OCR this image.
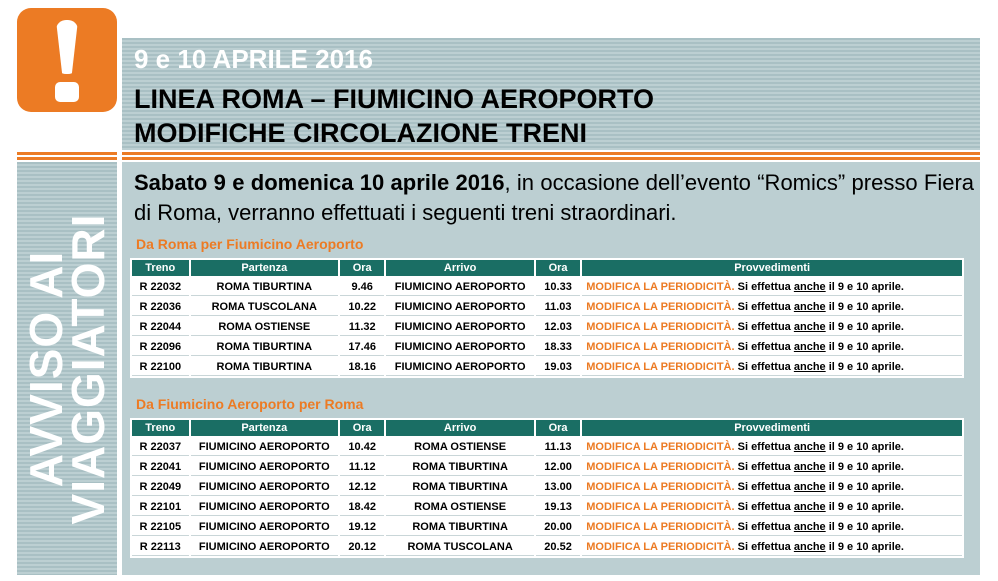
AVVISO AI
VIAGGIATORI
9 e 10 APRILE 2016
LINEA ROMA – FIUMICINO AEROPORTO
MODIFICHE CIRCOLAZIONE TRENI
Sabato 9 e domenica 10 aprile 2016, in occasione dell’evento “Romics” presso Fiera di Roma, verranno effettuati i seguenti treni straordinari.
Da Roma per Fiumicino Aeroporto
Treno	Partenza	Ora	Arrivo	Ora	Provvedimenti
R 22032	ROMA TIBURTINA	9.46	FIUMICINO AEROPORTO	10.33	MODIFICA LA PERIODICITÀ. Si effettua anche il 9 e 10 aprile.
R 22036	ROMA TUSCOLANA	10.22	FIUMICINO AEROPORTO	11.03	MODIFICA LA PERIODICITÀ. Si effettua anche il 9 e 10 aprile.
R 22044	ROMA OSTIENSE	11.32	FIUMICINO AEROPORTO	12.03	MODIFICA LA PERIODICITÀ. Si effettua anche il 9 e 10 aprile.
R 22096	ROMA TIBURTINA	17.46	FIUMICINO AEROPORTO	18.33	MODIFICA LA PERIODICITÀ. Si effettua anche il 9 e 10 aprile.
R 22100	ROMA TIBURTINA	18.16	FIUMICINO AEROPORTO	19.03	MODIFICA LA PERIODICITÀ. Si effettua anche il 9 e 10 aprile.
Da Fiumicino Aeroporto per Roma
Treno	Partenza	Ora	Arrivo	Ora	Provvedimenti
R 22037	FIUMICINO AEROPORTO	10.42	ROMA OSTIENSE	11.13	MODIFICA LA PERIODICITÀ. Si effettua anche il 9 e 10 aprile.
R 22041	FIUMICINO AEROPORTO	11.12	ROMA TIBURTINA	12.00	MODIFICA LA PERIODICITÀ. Si effettua anche il 9 e 10 aprile.
R 22049	FIUMICINO AEROPORTO	12.12	ROMA TIBURTINA	13.00	MODIFICA LA PERIODICITÀ. Si effettua anche il 9 e 10 aprile.
R 22101	FIUMICINO AEROPORTO	18.42	ROMA OSTIENSE	19.13	MODIFICA LA PERIODICITÀ. Si effettua anche il 9 e 10 aprile.
R 22105	FIUMICINO AEROPORTO	19.12	ROMA TIBURTINA	20.00	MODIFICA LA PERIODICITÀ. Si effettua anche il 9 e 10 aprile.
R 22113	FIUMICINO AEROPORTO	20.12	ROMA TUSCOLANA	20.52	MODIFICA LA PERIODICITÀ. Si effettua anche il 9 e 10 aprile.
